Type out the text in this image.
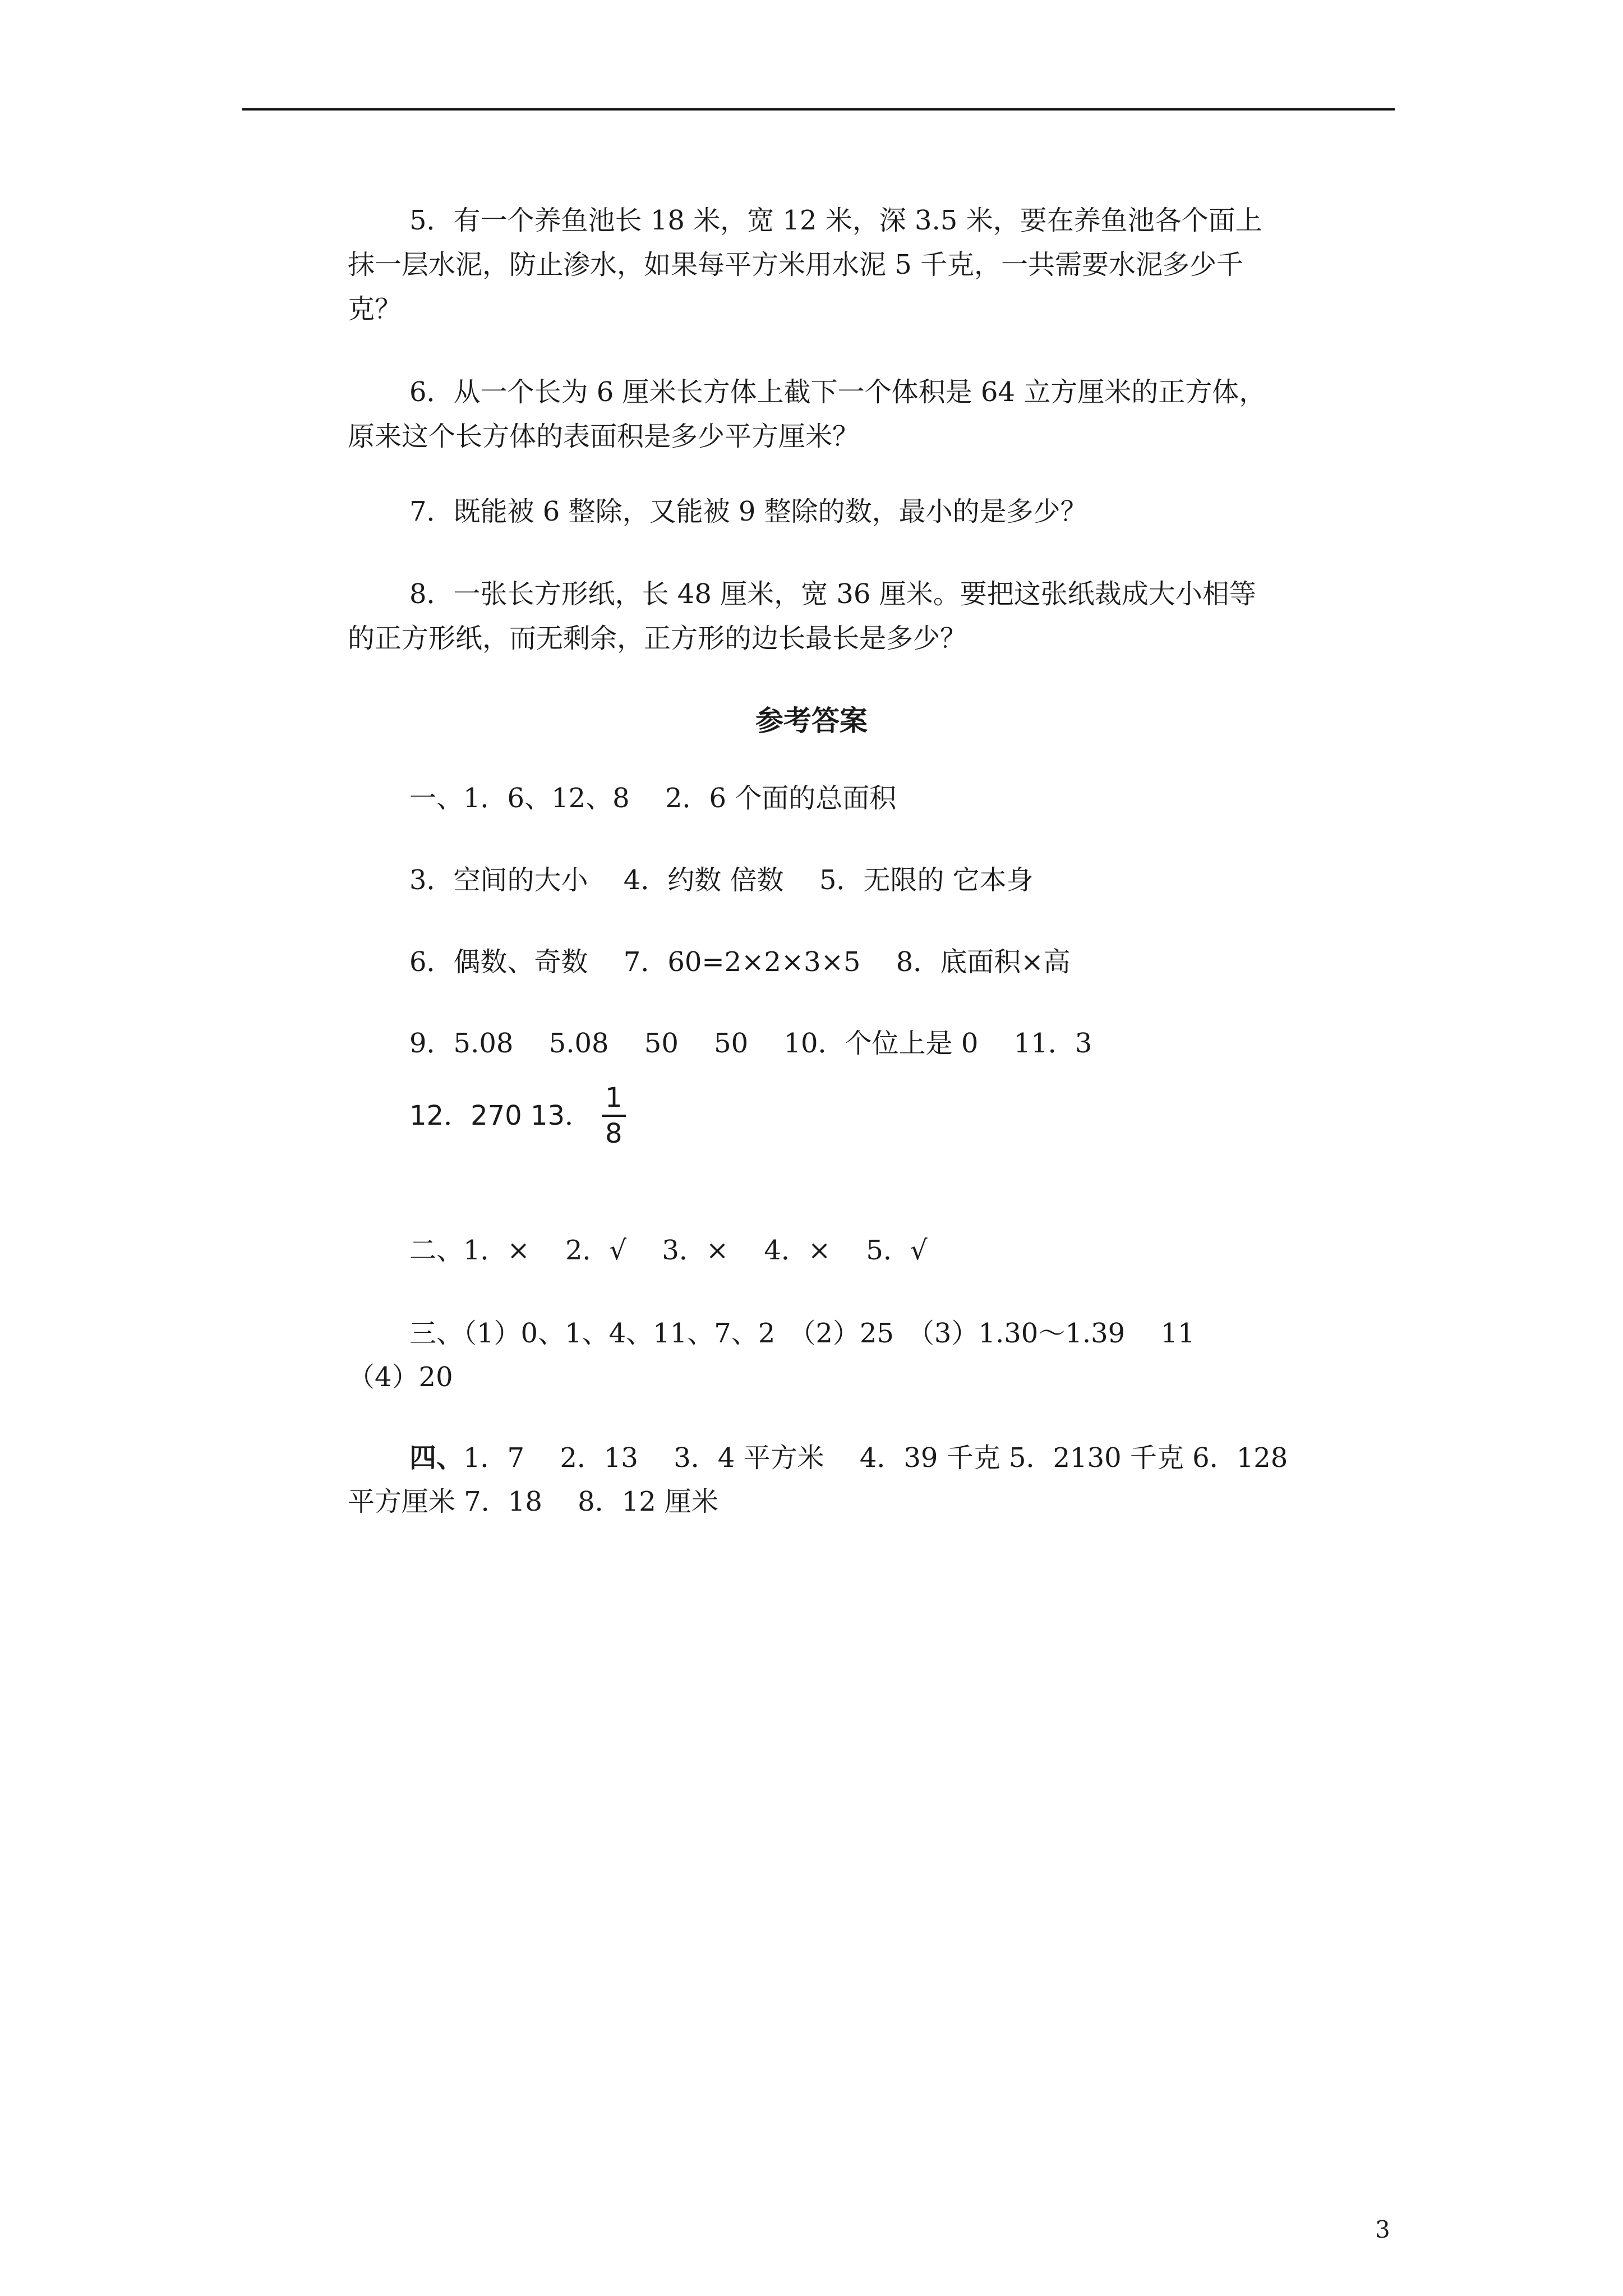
5．有一个养鱼池长 18 米，宽 12 米，深 3.5 米，要在养鱼池各个面上
抹一层水泥，防止渗水，如果每平方米用水泥 5 千克，一共需要水泥多少千
克？
6．从一个长为 6 厘米长方体上截下一个体积是 64 立方厘米的正方体，
原来这个长方体的表面积是多少平方厘米？
7．既能被 6 整除，又能被 9 整除的数，最小的是多少？
8．一张长方形纸，长 48 厘米，宽 36 厘米。要把这张纸裁成大小相等
的正方形纸，而无剩余，正方形的边长最长是多少？
参考答案
一、1．6、12、8　 2．6 个面的总面积
3．空间的大小　 4．约数 倍数　 5．无限的 它本身
6．偶数、奇数　 7．60=2×2×3×5　 8．底面积×高
9．5.08　 5.08　 50　 50　 10．个位上是 0　 11．3
12．270 13． $\frac{1}{8}$
二、1．×　 2．√　 3．×　 4．×　 5．√
三、（1）0、1、4、11、7、2　（2）25　（3）1.30～1.39　 11
（4）20
四、1．7　 2．13　 3．4 平方米　 4．39 千克 5．2130 千克 6．128
平方厘米 7．18　 8．12 厘米
3
